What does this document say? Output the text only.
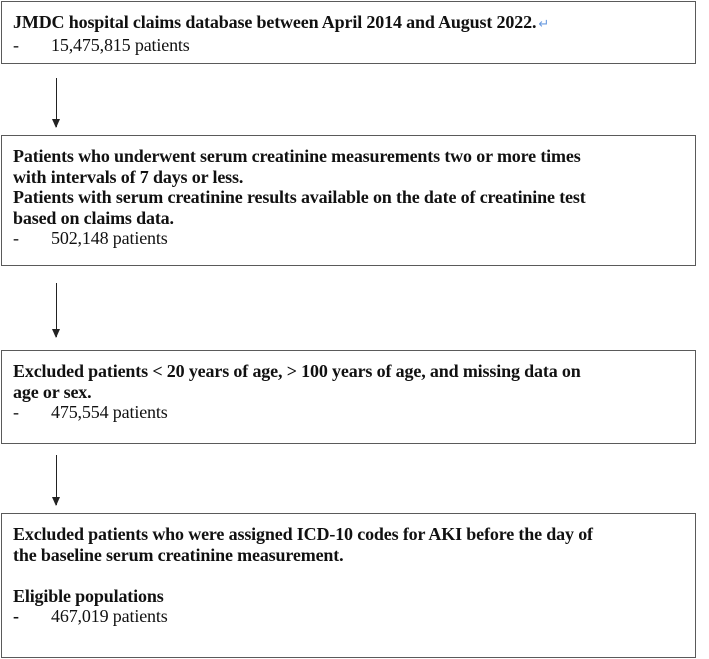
JMDC hospital claims database between April 2014 and August 2022. ↵
- 15,475,815 patients
Patients who underwent serum creatinine measurements two or more times
with intervals of 7 days or less.
Patients with serum creatinine results available on the date of creatinine test
based on claims data.
- 502,148 patients
Excluded patients < 20 years of age, > 100 years of age, and missing data on
age or sex.
- 475,554 patients
Excluded patients who were assigned ICD-10 codes for AKI before the day of
the baseline serum creatinine measurement.
Eligible populations
- 467,019 patients
